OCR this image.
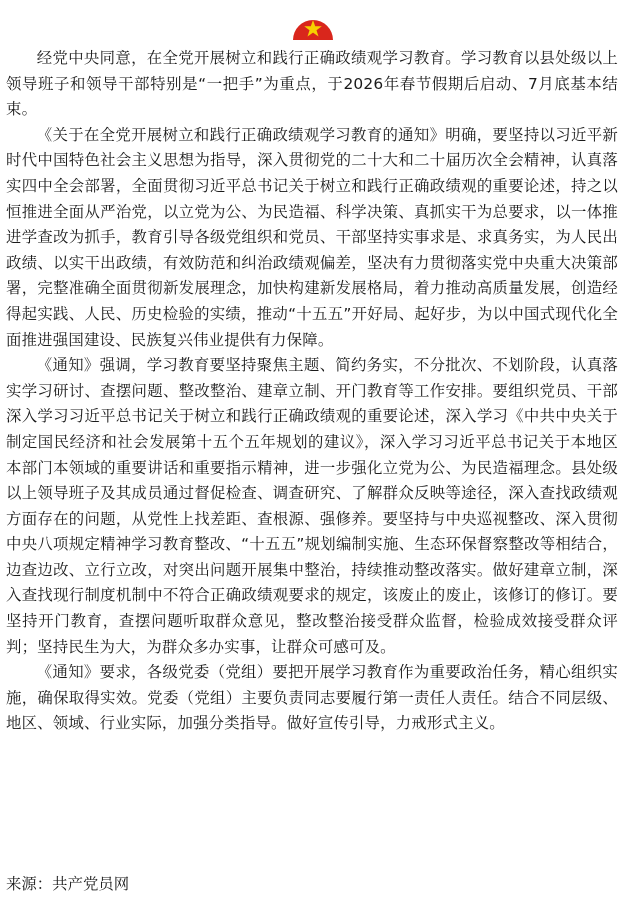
经党中央同意，在全党开展树立和践行正确政绩观学习教育。学习教育以县处级以上领导班子和领导干部特别是“一把手”为重点，于2026年春节假期后启动、7月底基本结束。

《关于在全党开展树立和践行正确政绩观学习教育的通知》明确，要坚持以习近平新时代中国特色社会主义思想为指导，深入贯彻党的二十大和二十届历次全会精神，认真落实四中全会部署，全面贯彻习近平总书记关于树立和践行正确政绩观的重要论述，持之以恒推进全面从严治党，以立党为公、为民造福、科学决策、真抓实干为总要求，以一体推进学查改为抓手，教育引导各级党组织和党员、干部坚持实事求是、求真务实，为人民出政绩、以实干出政绩，有效防范和纠治政绩观偏差，坚决有力贯彻落实党中央重大决策部署，完整准确全面贯彻新发展理念，加快构建新发展格局，着力推动高质量发展，创造经得起实践、人民、历史检验的实绩，推动“十五五”开好局、起好步，为以中国式现代化全面推进强国建设、民族复兴伟业提供有力保障。

《通知》强调，学习教育要坚持聚焦主题、简约务实，不分批次、不划阶段，认真落实学习研讨、查摆问题、整改整治、建章立制、开门教育等工作安排。要组织党员、干部深入学习习近平总书记关于树立和践行正确政绩观的重要论述，深入学习《中共中央关于制定国民经济和社会发展第十五个五年规划的建议》，深入学习习近平总书记关于本地区本部门本领域的重要讲话和重要指示精神，进一步强化立党为公、为民造福理念。县处级以上领导班子及其成员通过督促检查、调查研究、了解群众反映等途径，深入查找政绩观方面存在的问题，从党性上找差距、查根源、强修养。要坚持与中央巡视整改、深入贯彻中央八项规定精神学习教育整改、“十五五”规划编制实施、生态环保督察整改等相结合，边查边改、立行立改，对突出问题开展集中整治，持续推动整改落实。做好建章立制，深入查找现行制度机制中不符合正确政绩观要求的规定，该废止的废止，该修订的修订。要坚持开门教育，查摆问题听取群众意见，整改整治接受群众监督，检验成效接受群众评判；坚持民生为大，为群众多办实事，让群众可感可及。

《通知》要求，各级党委（党组）要把开展学习教育作为重要政治任务，精心组织实施，确保取得实效。党委（党组）主要负责同志要履行第一责任人责任。结合不同层级、地区、领域、行业实际，加强分类指导。做好宣传引导，力戒形式主义。

来源：共产党员网
